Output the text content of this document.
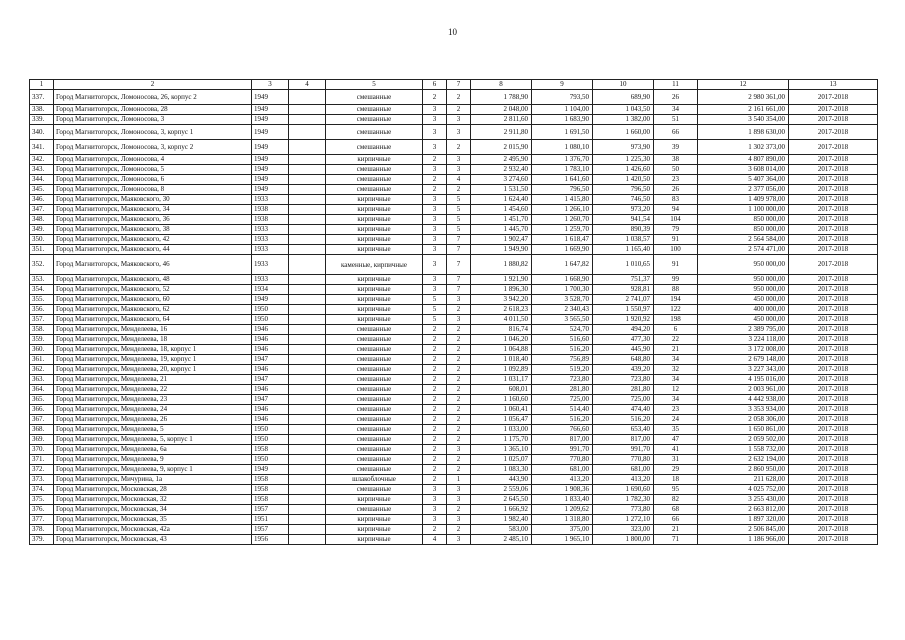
10
1	2	3	4	5	6	7	8	9	10	11	12	13
337.	Город Магнитогорск, Ломоносова, 26, корпус 2	1949		смешанные	2	2	1 788,90	793,50	689,90	26	2 980 361,00	2017-2018
338.	Город Магнитогорск, Ломоносова, 28	1949		смешанные	3	2	2 048,00	1 104,00	1 043,50	34	2 161 661,00	2017-2018
339.	Город Магнитогорск, Ломоносова, 3	1949		смешанные	3	3	2 811,60	1 683,90	1 382,00	51	3 540 354,00	2017-2018
340.	Город Магнитогорск, Ломоносова, 3, корпус 1	1949		смешанные	3	3	2 911,80	1 691,50	1 660,00	66	1 898 630,00	2017-2018
341.	Город Магнитогорск, Ломоносова, 3, корпус 2	1949		смешанные	3	2	2 015,90	1 080,10	973,90	39	1 302 373,00	2017-2018
342.	Город Магнитогорск, Ломоносова, 4	1949		кирпичные	2	3	2 495,90	1 376,70	1 225,30	38	4 807 890,00	2017-2018
343.	Город Магнитогорск, Ломоносова, 5	1949		смешанные	3	3	2 932,40	1 783,10	1 426,60	50	3 608 014,00	2017-2018
344.	Город Магнитогорск, Ломоносова, 6	1949		смешанные	2	4	3 274,60	1 641,60	1 420,50	23	5 407 364,00	2017-2018
345.	Город Магнитогорск, Ломоносова, 8	1949		смешанные	2	2	1 531,50	796,50	796,50	26	2 377 056,00	2017-2018
346.	Город Магнитогорск, Маяковского, 30	1933		кирпичные	3	5	1 624,40	1 415,80	746,50	83	1 409 978,00	2017-2018
347.	Город Магнитогорск, Маяковского, 34	1938		кирпичные	3	5	1 454,60	1 266,10	973,20	94	1 100 000,00	2017-2018
348.	Город Магнитогорск, Маяковского, 36	1938		кирпичные	3	5	1 451,70	1 260,70	941,54	104	850 000,00	2017-2018
349.	Город Магнитогорск, Маяковского, 38	1933		кирпичные	3	5	1 445,70	1 259,70	890,39	79	850 000,00	2017-2018
350.	Город Магнитогорск, Маяковского, 42	1933		кирпичные	3	7	1 902,47	1 618,47	1 038,57	91	2 564 584,00	2017-2018
351.	Город Магнитогорск, Маяковского, 44	1933		кирпичные	3	7	1 949,90	1 669,90	1 165,40	100	2 574 471,00	2017-2018
352.	Город Магнитогорск, Маяковского, 46	1933		каменные, кирпичные	3	7	1 880,82	1 647,82	1 010,65	91	950 000,00	2017-2018
353.	Город Магнитогорск, Маяковского, 48	1933		кирпичные	3	7	1 921,90	1 668,90	751,37	99	950 000,00	2017-2018
354.	Город Магнитогорск, Маяковского, 52	1934		кирпичные	3	7	1 896,30	1 700,30	928,81	88	950 000,00	2017-2018
355.	Город Магнитогорск, Маяковского, 60	1949		кирпичные	5	3	3 942,20	3 528,70	2 741,07	194	450 000,00	2017-2018
356.	Город Магнитогорск, Маяковского, 62	1950		кирпичные	5	2	2 618,23	2 340,43	1 550,97	122	400 000,00	2017-2018
357.	Город Магнитогорск, Маяковского, 64	1950		кирпичные	5	3	4 011,50	3 565,50	1 920,92	198	450 000,00	2017-2018
358.	Город Магнитогорск, Менделеева, 16	1946		смешанные	2	2	816,74	524,70	494,20	6	2 389 795,00	2017-2018
359.	Город Магнитогорск, Менделеева, 18	1946		смешанные	2	2	1 046,20	516,60	477,30	22	3 224 118,00	2017-2018
360.	Город Магнитогорск, Менделеева, 18, корпус 1	1946		смешанные	2	2	1 064,88	516,20	445,90	21	3 172 008,00	2017-2018
361.	Город Магнитогорск, Менделеева, 19, корпус 1	1947		смешанные	2	2	1 018,40	756,89	648,80	34	2 679 148,00	2017-2018
362.	Город Магнитогорск, Менделеева, 20, корпус 1	1946		смешанные	2	2	1 092,89	519,20	439,20	32	3 227 343,00	2017-2018
363.	Город Магнитогорск, Менделеева, 21	1947		смешанные	2	2	1 031,17	723,80	723,80	34	4 195 016,00	2017-2018
364.	Город Магнитогорск, Менделеева, 22	1946		смешанные	2	2	608,01	281,80	281,80	12	2 003 961,00	2017-2018
365.	Город Магнитогорск, Менделеева, 23	1947		смешанные	2	2	1 160,60	725,00	725,00	34	4 442 938,00	2017-2018
366.	Город Магнитогорск, Менделеева, 24	1946		смешанные	2	2	1 060,41	514,40	474,40	23	3 353 934,00	2017-2018
367.	Город Магнитогорск, Менделеева, 26	1946		смешанные	2	2	1 056,47	516,20	516,20	24	2 058 306,00	2017-2018
368.	Город Магнитогорск, Менделеева, 5	1950		смешанные	2	2	1 033,00	766,60	653,40	35	1 650 861,00	2017-2018
369.	Город Магнитогорск, Менделеева, 5, корпус 1	1950		смешанные	2	2	1 175,70	817,00	817,00	47	2 059 502,00	2017-2018
370.	Город Магнитогорск, Менделеева, 6а	1958		смешанные	2	3	1 365,10	991,70	991,70	41	1 558 732,00	2017-2018
371.	Город Магнитогорск, Менделеева, 9	1950		смешанные	2	2	1 025,07	770,80	770,80	31	2 632 194,00	2017-2018
372.	Город Магнитогорск, Менделеева, 9, корпус 1	1949		смешанные	2	2	1 083,30	681,00	681,00	29	2 860 950,00	2017-2018
373.	Город Магнитогорск, Мичурина, 1а	1958		шлакоблочные	2	1	443,90	413,20	413,20	18	211 628,00	2017-2018
374.	Город Магнитогорск, Московская, 28	1958		смешанные	3	3	2 559,06	1 908,36	1 690,60	95	4 025 752,00	2017-2018
375.	Город Магнитогорск, Московская, 32	1958		кирпичные	3	3	2 645,50	1 833,40	1 782,30	82	3 255 430,00	2017-2018
376.	Город Магнитогорск, Московская, 34	1957		смешанные	3	2	1 666,92	1 209,62	773,80	68	2 663 812,00	2017-2018
377.	Город Магнитогорск, Московская, 35	1951		кирпичные	3	3	1 982,40	1 318,80	1 272,10	66	1 897 320,00	2017-2018
378.	Город Магнитогорск, Московская, 42а	1957		кирпичные	2	2	583,00	375,00	323,00	21	2 506 845,00	2017-2018
379.	Город Магнитогорск, Московская, 43	1956		кирпичные	4	3	2 485,10	1 965,10	1 800,00	71	1 186 966,00	2017-2018
